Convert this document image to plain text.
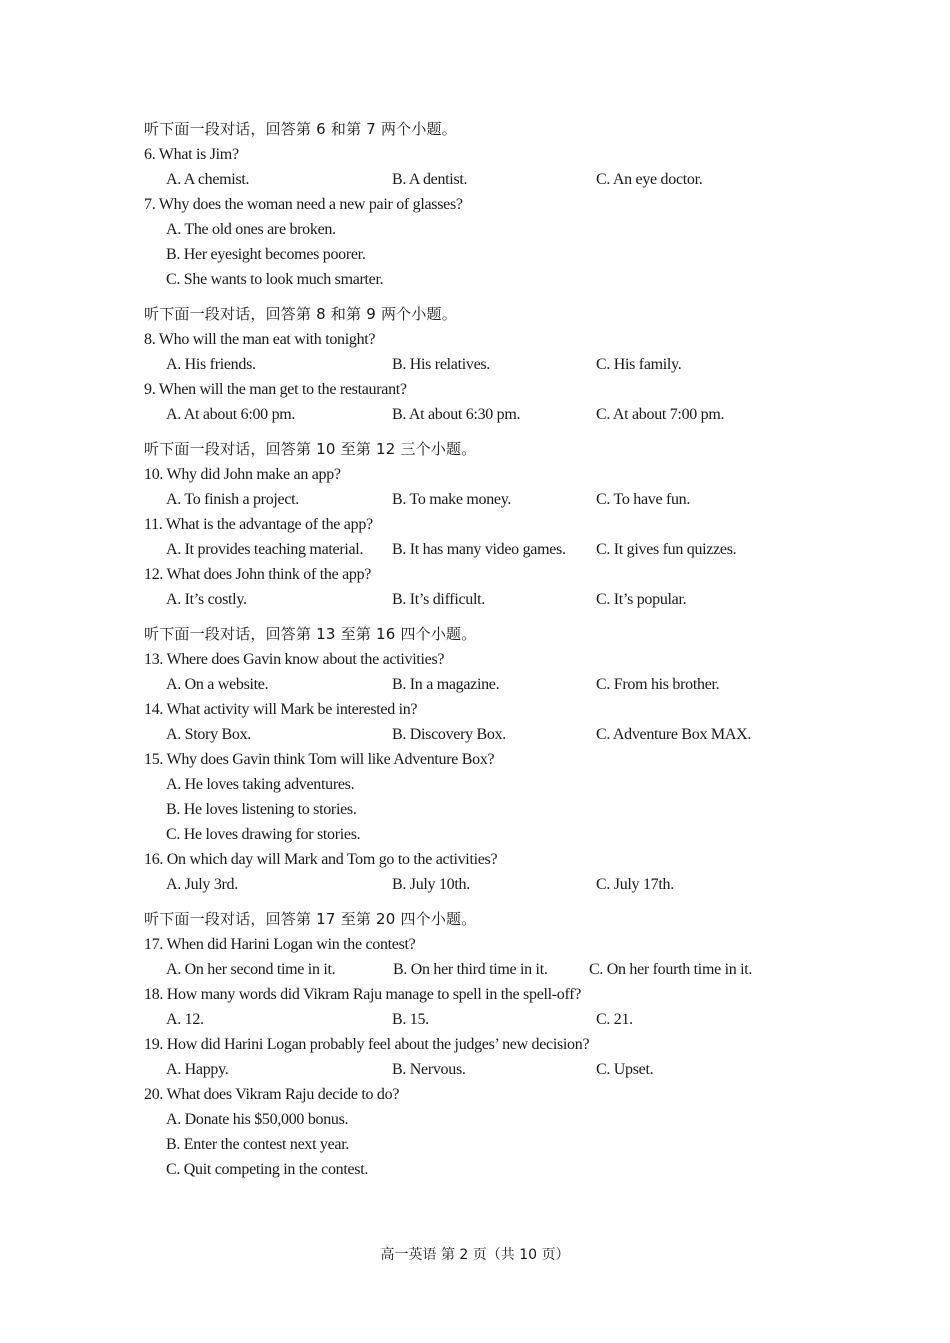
听下面一段对话，回答第 6 和第 7 两个小题。
6. What is Jim?
A. A chemist.	B. A dentist.	C. An eye doctor.
7. Why does the woman need a new pair of glasses?
A. The old ones are broken.
B. Her eyesight becomes poorer.
C. She wants to look much smarter.
听下面一段对话，回答第 8 和第 9 两个小题。
8. Who will the man eat with tonight?
A. His friends.	B. His relatives.	C. His family.
9. When will the man get to the restaurant?
A. At about 6:00 pm.	B. At about 6:30 pm.	C. At about 7:00 pm.
听下面一段对话，回答第 10 至第 12 三个小题。
10. Why did John make an app?
A. To finish a project.	B. To make money.	C. To have fun.
11. What is the advantage of the app?
A. It provides teaching material.	B. It has many video games.	C. It gives fun quizzes.
12. What does John think of the app?
A. It’s costly.	B. It’s difficult.	C. It’s popular.
听下面一段对话，回答第 13 至第 16 四个小题。
13. Where does Gavin know about the activities?
A. On a website.	B. In a magazine.	C. From his brother.
14. What activity will Mark be interested in?
A. Story Box.	B. Discovery Box.	C. Adventure Box MAX.
15. Why does Gavin think Tom will like Adventure Box?
A. He loves taking adventures.
B. He loves listening to stories.
C. He loves drawing for stories.
16. On which day will Mark and Tom go to the activities?
A. July 3rd.	B. July 10th.	C. July 17th.
听下面一段对话，回答第 17 至第 20 四个小题。
17. When did Harini Logan win the contest?
A. On her second time in it.	B. On her third time in it.	C. On her fourth time in it.
18. How many words did Vikram Raju manage to spell in the spell-off?
A. 12.	B. 15.	C. 21.
19. How did Harini Logan probably feel about the judges’ new decision?
A. Happy.	B. Nervous.	C. Upset.
20. What does Vikram Raju decide to do?
A. Donate his $50,000 bonus.
B. Enter the contest next year.
C. Quit competing in the contest.
高一英语 第 2 页（共 10 页）
